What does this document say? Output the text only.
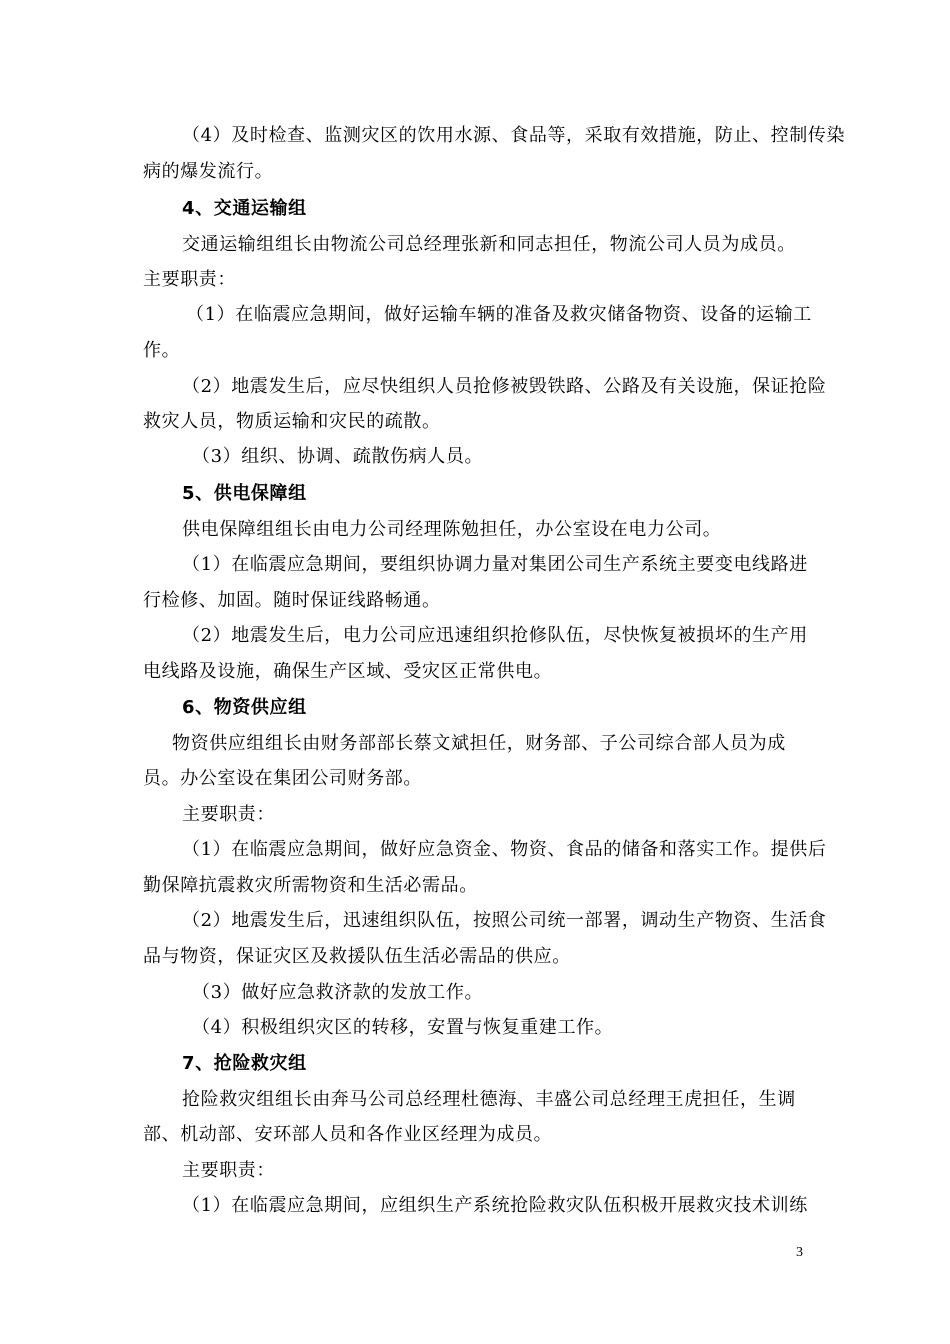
（4）及时检查、监测灾区的饮用水源、食品等，采取有效措施，防止、控制传染
病的爆发流行。
4、交通运输组
交通运输组组长由物流公司总经理张新和同志担任，物流公司人员为成员。
主要职责：
（1）在临震应急期间，做好运输车辆的准备及救灾储备物资、设备的运输工
作。
（2）地震发生后，应尽快组织人员抢修被毁铁路、公路及有关设施，保证抢险
救灾人员，物质运输和灾民的疏散。
（3）组织、协调、疏散伤病人员。
5、供电保障组
供电保障组组长由电力公司经理陈勉担任，办公室设在电力公司。
（1）在临震应急期间，要组织协调力量对集团公司生产系统主要变电线路进
行检修、加固。随时保证线路畅通。
（2）地震发生后，电力公司应迅速组织抢修队伍，尽快恢复被损坏的生产用
电线路及设施，确保生产区域、受灾区正常供电。
6、物资供应组
物资供应组组长由财务部部长蔡文斌担任，财务部、子公司综合部人员为成
员。办公室设在集团公司财务部。
主要职责：
（1）在临震应急期间，做好应急资金、物资、食品的储备和落实工作。提供后
勤保障抗震救灾所需物资和生活必需品。
（2）地震发生后，迅速组织队伍，按照公司统一部署，调动生产物资、生活食
品与物资，保证灾区及救援队伍生活必需品的供应。
（3）做好应急救济款的发放工作。
（4）积极组织灾区的转移，安置与恢复重建工作。
7、抢险救灾组
抢险救灾组组长由奔马公司总经理杜德海、丰盛公司总经理王虎担任，生调
部、机动部、安环部人员和各作业区经理为成员。
主要职责：
（1）在临震应急期间，应组织生产系统抢险救灾队伍积极开展救灾技术训练
3
